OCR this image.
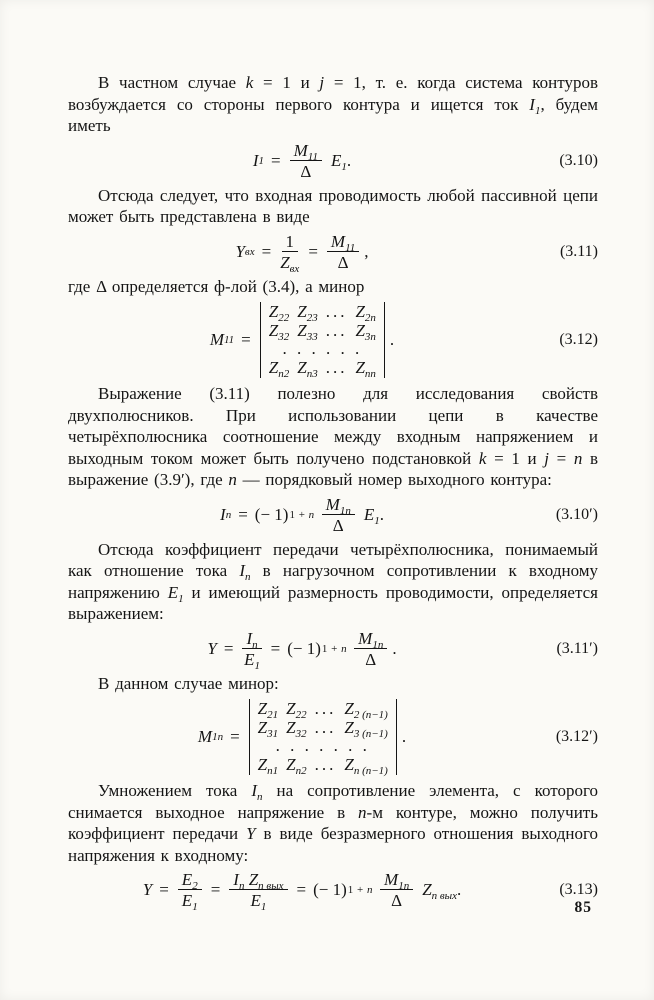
В частном случае k = 1 и j = 1, т. е. когда система контуров возбуждается со стороны первого контура и ищется ток $I_1$, будем иметь

I $1 = \frac{M_{11}}{\Delta} E_1$.	(3.10)

Отсюда следует, что входная проводимость любой пассивной цепи может быть представлена в виде

Y вх = $\frac{1}{Z_{вх}} = \frac{M_{11}}{\Delta}$ ,	(3.11)

где Δ определяется ф-лой (3.4), а минор

M 11 =
$Z_{22}$ $Z_{23}$ ... $Z_{2n}$
$Z_{32}$ $Z_{33}$ ... $Z_{3n}$
. . . . . .
$Z_{n2}$ $Z_{n3}$ ... $Z_{nn}$
.	(3.12)

Выражение (3.11) полезно для исследования свойств двухполюсников. При использовании цепи в качестве четырёхполюсника соотношение между входным напряжением и выходным током может быть получено подстановкой k = 1 и j = n в выражение (3.9′), где n — порядковый номер выходного контура:

I n = (− 1) 1 + n $\frac{M_{1n}}{\Delta} E_1$.	(3.10′)

Отсюда коэффициент передачи четырёхполюсника, понимаемый как отношение тока $I_n$ в нагрузочном сопротивлении к входному напряжению $E_1$ и имеющий размерность проводимости, определяется выражением:

$Y = \frac{I_n}{E_1}$ = (− 1) 1 + n $\frac{M_{1n}}{\Delta}$ .	(3.11′)

В данном случае минор:

M 1n =
$Z_{21}$ $Z_{22}$ ... $Z_{2 (n-1)}$
$Z_{31}$ $Z_{32}$ ... $Z_{3 (n-1)}$
. . . . . . .
$Z_{n1}$ $Z_{n2}$ ... $Z_{n (n-1)}$
.	(3.12′)

Умножением тока $I_n$ на сопротивление элемента, с которого снимается выходное напряжение в n-м контуре, можно получить коэффициент передачи Y в виде безразмерного отношения выходного напряжения к входному:

$Y = \frac{E_2}{E_1} = \frac{I_n Z_{n вых}}{E_1}$ = (− 1) 1 + n $\frac{M_{1n}}{\Delta} Z_{n вых}$.	(3.13)
85
